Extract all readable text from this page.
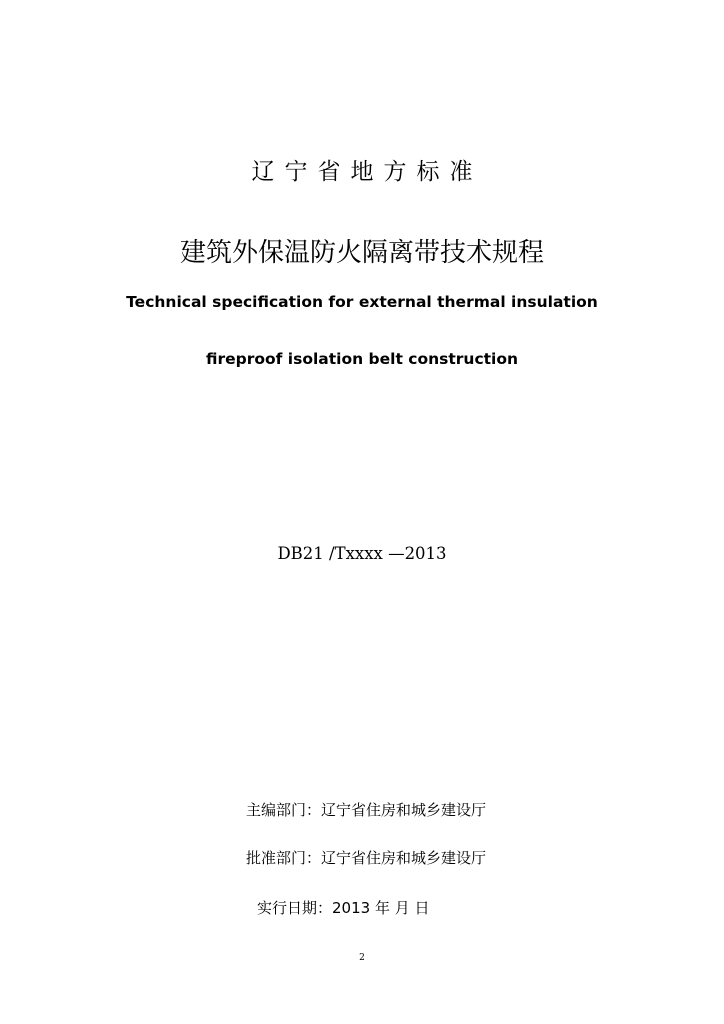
辽宁省地方标准
建筑外保温防火隔离带技术规程
Technical specification for external thermal insulation
fireproof isolation belt construction
DB21 /Txxxx —2013
主编部门：辽宁省住房和城乡建设厅
批准部门：辽宁省住房和城乡建设厅
实行日期：2013 年 月 日
2
